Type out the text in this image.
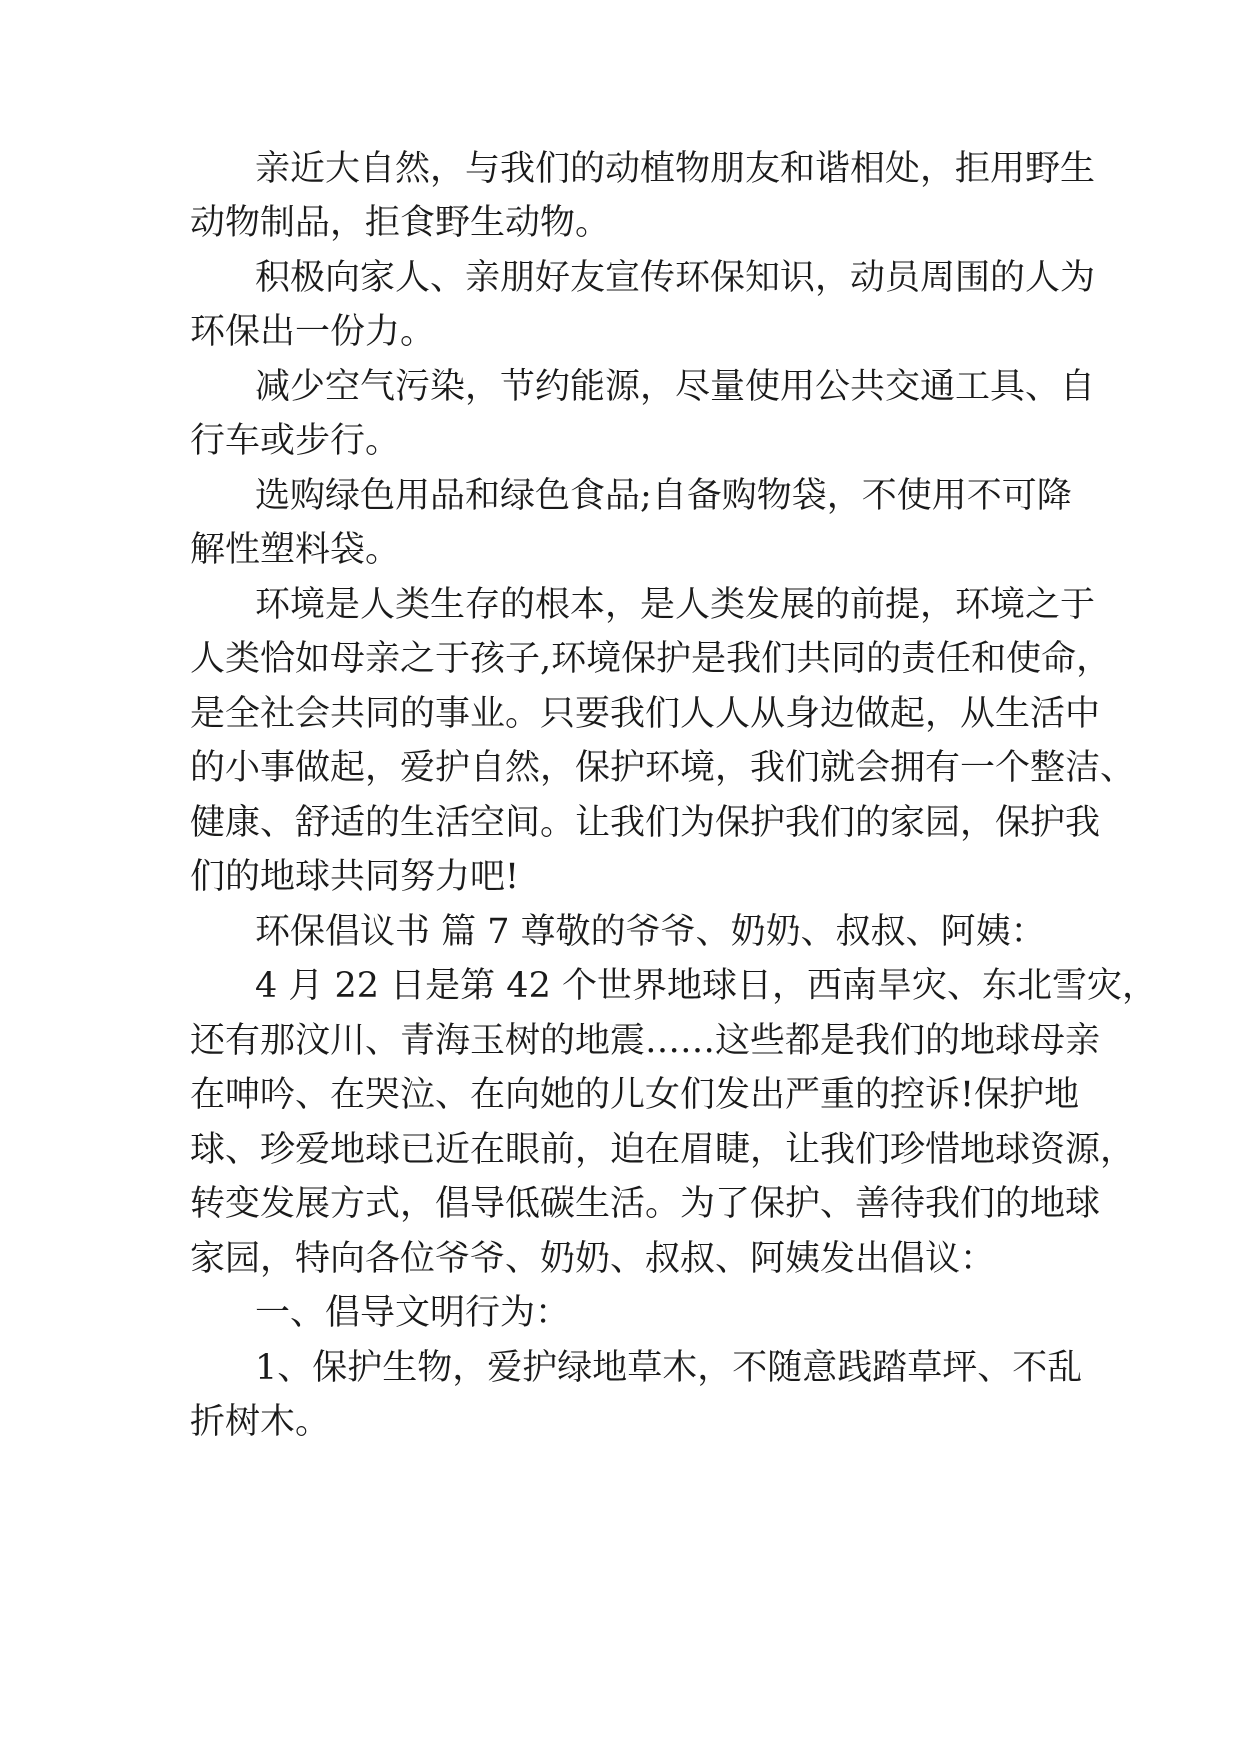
亲近大自然，与我们的动植物朋友和谐相处，拒用野生
动物制品，拒食野生动物。
积极向家人、亲朋好友宣传环保知识，动员周围的人为
环保出一份力。
减少空气污染，节约能源，尽量使用公共交通工具、自
行车或步行。
选购绿色用品和绿色食品;自备购物袋，不使用不可降
解性塑料袋。
环境是人类生存的根本，是人类发展的前提，环境之于
人类恰如母亲之于孩子,环境保护是我们共同的责任和使命，
是全社会共同的事业。只要我们人人从身边做起，从生活中
的小事做起，爱护自然，保护环境，我们就会拥有一个整洁、
健康、舒适的生活空间。让我们为保护我们的家园，保护我
们的地球共同努力吧!
环保倡议书 篇 7 尊敬的爷爷、奶奶、叔叔、阿姨：
4 月 22 日是第 42 个世界地球日，西南旱灾、东北雪灾，
还有那汶川、青海玉树的地震……这些都是我们的地球母亲
在呻吟、在哭泣、在向她的儿女们发出严重的控诉!保护地
球、珍爱地球已近在眼前，迫在眉睫，让我们珍惜地球资源，
转变发展方式，倡导低碳生活。为了保护、善待我们的地球
家园，特向各位爷爷、奶奶、叔叔、阿姨发出倡议：
一、倡导文明行为：
1、保护生物，爱护绿地草木，不随意践踏草坪、不乱
折树木。
